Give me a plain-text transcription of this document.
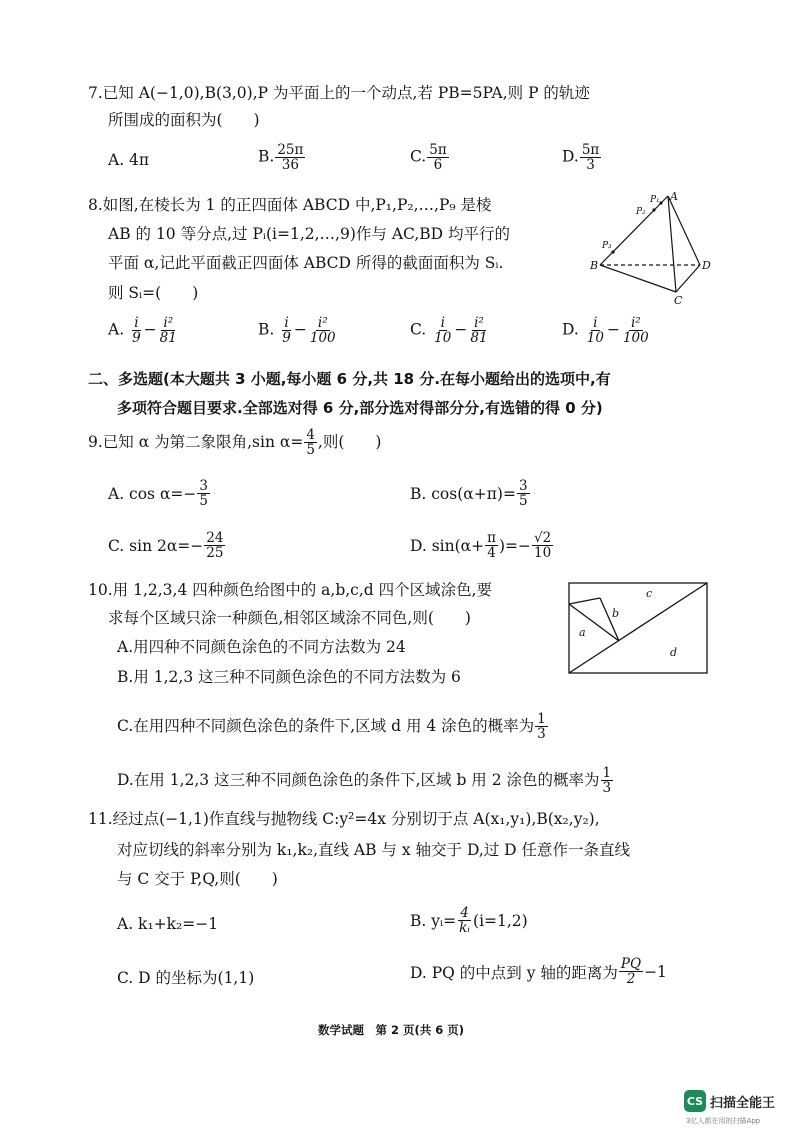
7.已知 A(−1,0),B(3,0),P 为平面上的一个动点,若 PB=5PA,则 P 的轨迹
所围成的面积为(　　)
A. 4π	B. $\frac{25\pi}{36}$	C. $\frac{5\pi}{6}$	D. $\frac{5\pi}{3}$
8.如图,在棱长为 1 的正四面体 ABCD 中,P₁,P₂,…,P₉ 是棱
AB 的 10 等分点,过 Pᵢ(i=1,2,…,9)作与 AC,BD 均平行的
平面 α,记此平面截正四面体 ABCD 所得的截面面积为 Sᵢ.
则 Sᵢ=(　　)
A
B
C
D
P₁
P₂
P₃
A. $\frac{i}{9} - \frac{\text{i²}}{81}$	B. $\frac{i}{9} - \frac{\text{i²}}{100}$	C. $\frac{i}{10} - \frac{\text{i²}}{81}$	D. $\frac{i}{10} - \frac{\text{i²}}{100}$
二、多选题(本大题共 3 小题,每小题 6 分,共 18 分.在每小题给出的选项中,有
多项符合题目要求.全部选对得 6 分,部分选对得部分分,有选错的得 0 分)
9.已知 α 为第二象限角,sin $\alpha= \frac{4}{5}$ ,则(　　)
A. $\cos \alpha=- \frac{3}{5}$	B. $\cos(\alpha+\pi)= \frac{3}{5}$
C. $\sin 2\alpha=- \frac{24}{25}$	D. $\sin(\alpha+ \frac{\pi}{4}$ )=− $\frac{√2}{10}$
10.用 1,2,3,4 四种颜色给图中的 a,b,c,d 四个区域涂色,要
求每个区域只涂一种颜色,相邻区域涂不同色,则(　　)
a
b
c
d
A.用四种不同颜色涂色的不同方法数为 24
B.用 1,2,3 这三种不同颜色涂色的不同方法数为 6
C.在用四种不同颜色涂色的条件下,区域 d 用 4 涂色的概率为 $\frac{1}{3}$
D.在用 1,2,3 这三种不同颜色涂色的条件下,区域 b 用 2 涂色的概率为 $\frac{1}{3}$
11.经过点(−1,1)作直线与抛物线 C:y²=4x 分别切于点 A(x₁,y₁),B(x₂,y₂),
对应切线的斜率分别为 k₁,k₂,直线 AB 与 x 轴交于 D,过 D 任意作一条直线
与 C 交于 P,Q,则(　　)
A. k₁+k₂=−1	B. yᵢ= $\frac{4}{\text{kᵢ}} (i=1,2)$
C. D 的坐标为(1,1)	D. PQ 的中点到 y 轴的距离为 $\frac{PQ}{2} -1$
数学试题　第 2 页(共 6 页)
CS 扫描全能王
3亿人都在用的扫描App
